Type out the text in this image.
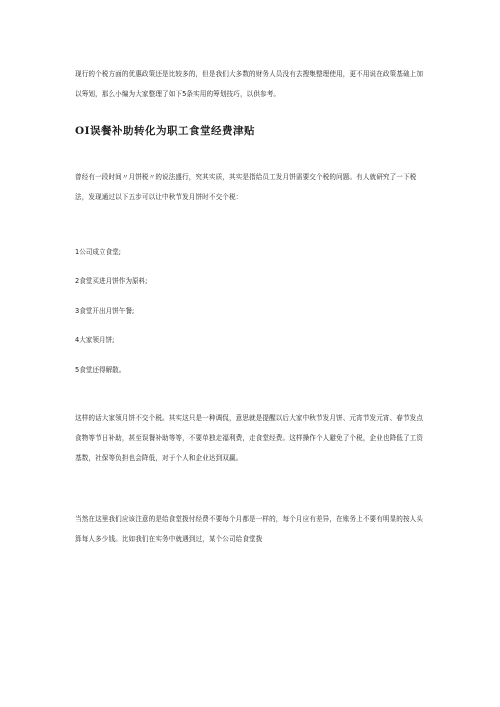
现行的个税方面的优惠政策还是比较多的，但是我们大多数的财务人员没有去搜集整理使用，更不用说在政策基础上加以筹划，那么小编为大家整理了如下5条实用的筹划技巧，以供参考。

OI误餐补助转化为职工食堂经费津贴

曾经有一段时间〃月饼税〃的说法盛行，究其实质，其实是指给员工发月饼需要交个税的问题。有人就研究了一下税法，发现通过以下五步可以让中秋节发月饼时不交个税：

1公司成立食堂;

2食堂买进月饼作为原料;

3食堂开出月饼午餐;

4大家领月饼;

5食堂还得解散。

这样的话大家领月饼不交个税。其实这只是一种调侃，意思就是提醒以后大家中秋节发月饼、元宵节发元宵、春节发点食物等节日补助，甚至误餐补助等等，不要单独走福利费，走食堂经费。这样操作个人避免了个税，企业也降低了工资基数，社保等负担也会降低，对于个人和企业达到双赢。

当然在这里我们应该注意的是给食堂拨付经费不要每个月都是一样的，每个月应有差异，在账务上不要有明显的按人头算每人多少钱。比如我们在实务中就遇到过，某个公司给食堂拨
